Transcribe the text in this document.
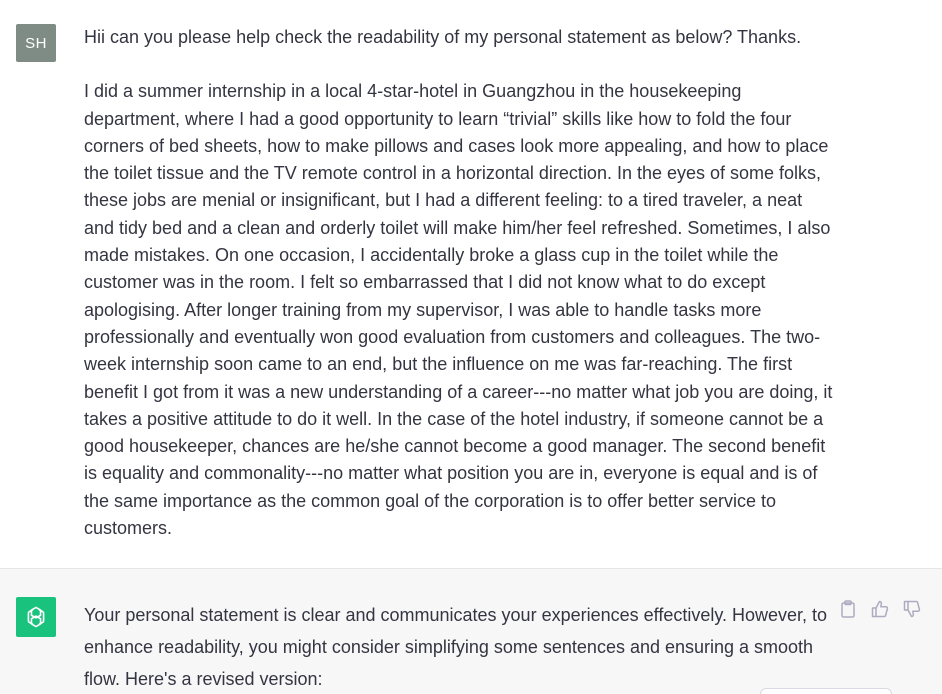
SH Hii can you please help check the readability of my personal statement as below? Thanks.

I did a summer internship in a local 4-star-hotel in Guangzhou in the housekeeping department, where I had a good opportunity to learn “trivial” skills like how to fold the four corners of bed sheets, how to make pillows and cases look more appealing, and how to place the toilet tissue and the TV remote control in a horizontal direction. In the eyes of some folks, these jobs are menial or insignificant, but I had a different feeling: to a tired traveler, a neat and tidy bed and a clean and orderly toilet will make him/her feel refreshed. Sometimes, I also made mistakes. On one occasion, I accidentally broke a glass cup in the toilet while the customer was in the room. I felt so embarrassed that I did not know what to do except apologising. After longer training from my supervisor, I was able to handle tasks more professionally and eventually won good evaluation from customers and colleagues. The two-week internship soon came to an end, but the influence on me was far-reaching. The first benefit I got from it was a new understanding of a career---no matter what job you are doing, it takes a positive attitude to do it well. In the case of the hotel industry, if someone cannot be a good housekeeper, chances are he/she cannot become a good manager. The second benefit is equality and commonality---no matter what position you are in, everyone is equal and is of the same importance as the common goal of the corporation is to offer better service to customers.

Your personal statement is clear and communicates your experiences effectively. However, to enhance readability, you might consider simplifying some sentences and ensuring a smooth flow. Here's a revised version:
